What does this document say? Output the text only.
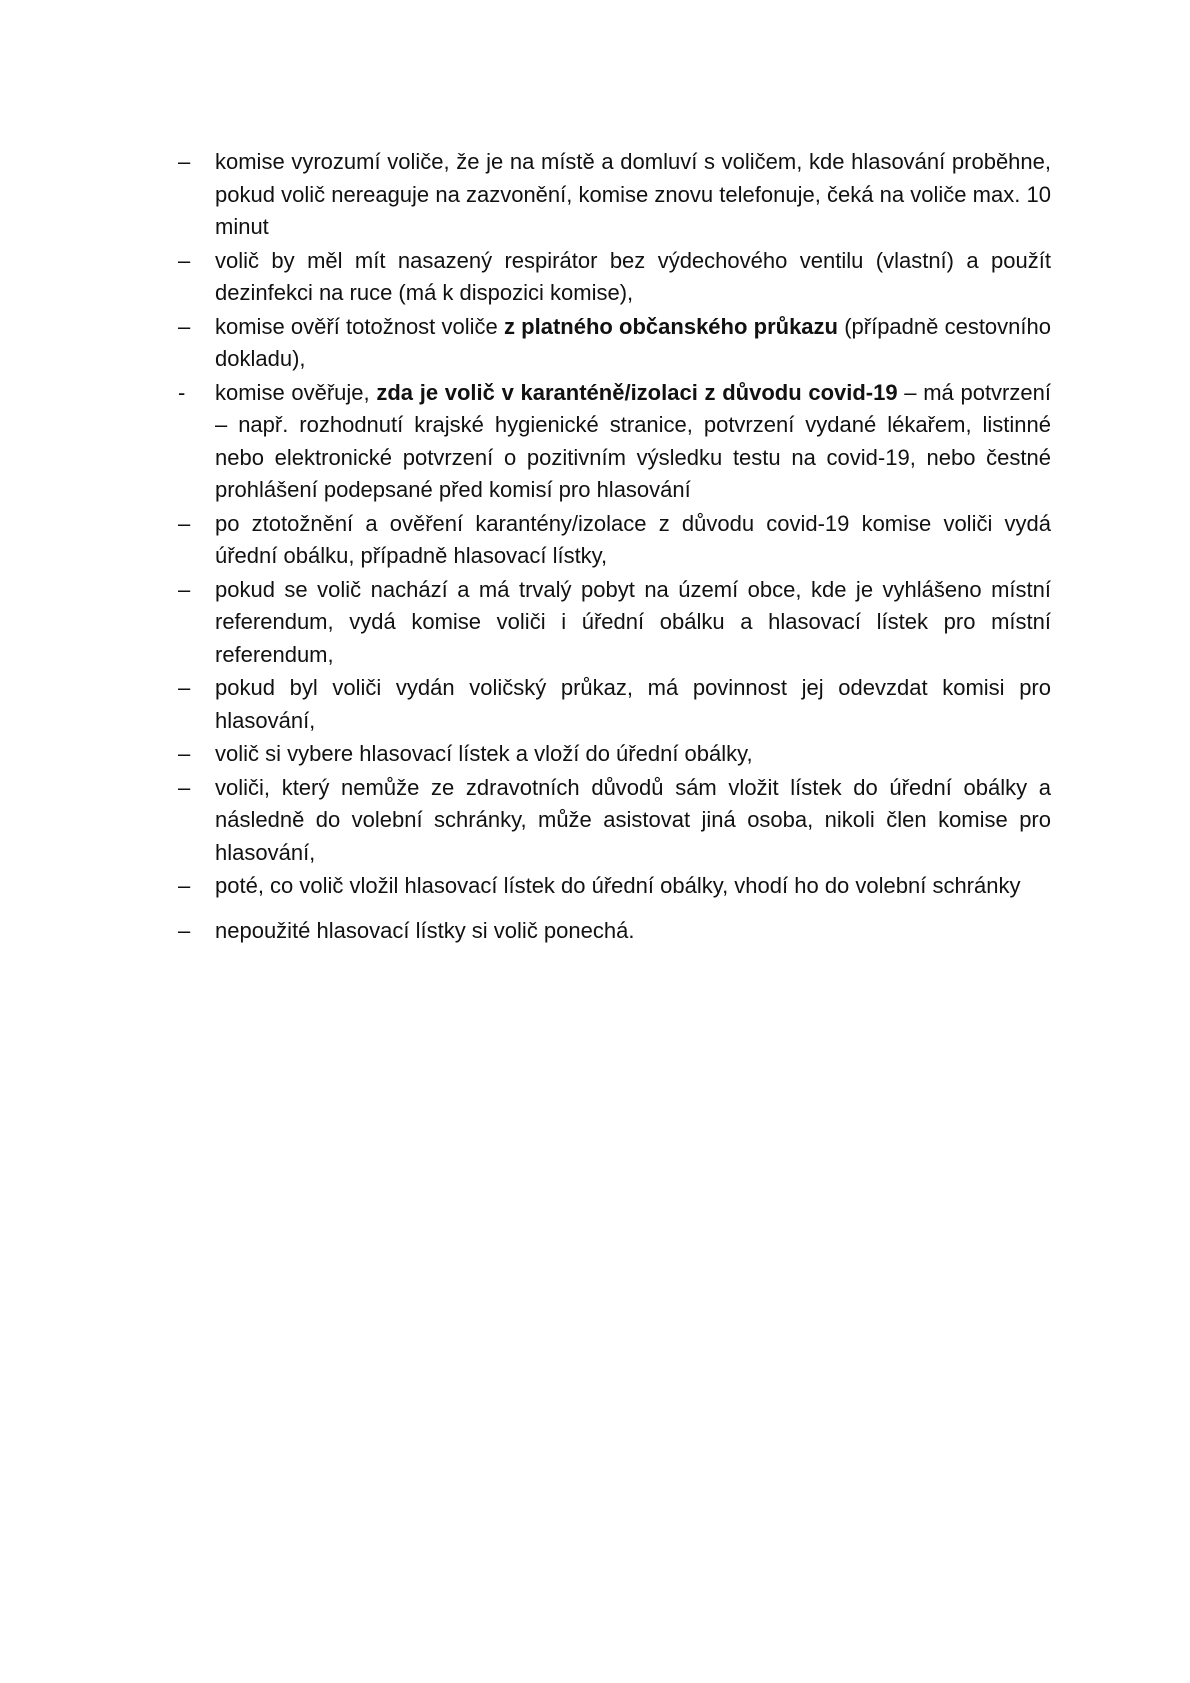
–	komise vyrozumí voliče, že je na místě a domluví s voličem, kde hlasování proběhne, pokud volič nereaguje na zazvonění, komise znovu telefonuje, čeká na voliče max. 10 minut
–	volič by měl mít nasazený respirátor bez výdechového ventilu (vlastní) a použít dezinfekci na ruce (má k dispozici komise),
–	komise ověří totožnost voliče z platného občanského průkazu (případně cestovního dokladu),
-	komise ověřuje, zda je volič v karanténě/izolaci z důvodu covid-19 – má potvrzení – např. rozhodnutí krajské hygienické stranice, potvrzení vydané lékařem, listinné nebo elektronické potvrzení o pozitivním výsledku testu na covid-19, nebo čestné prohlášení podepsané před komisí pro hlasování
–	po ztotožnění a ověření karantény/izolace z důvodu covid-19 komise voliči vydá úřední obálku, případně hlasovací lístky,
–	pokud se volič nachází a má trvalý pobyt na území obce, kde je vyhlášeno místní referendum, vydá komise voliči i úřední obálku a hlasovací lístek pro místní referendum,
–	pokud byl voliči vydán voličský průkaz, má povinnost jej odevzdat komisi pro hlasování,
–	volič si vybere hlasovací lístek a vloží do úřední obálky,
–	voliči, který nemůže ze zdravotních důvodů sám vložit lístek do úřední obálky a následně do volební schránky, může asistovat jiná osoba, nikoli člen komise pro hlasování,
–	poté, co volič vložil hlasovací lístek do úřední obálky, vhodí ho do volební schránky
–	nepoužité hlasovací lístky si volič ponechá.
